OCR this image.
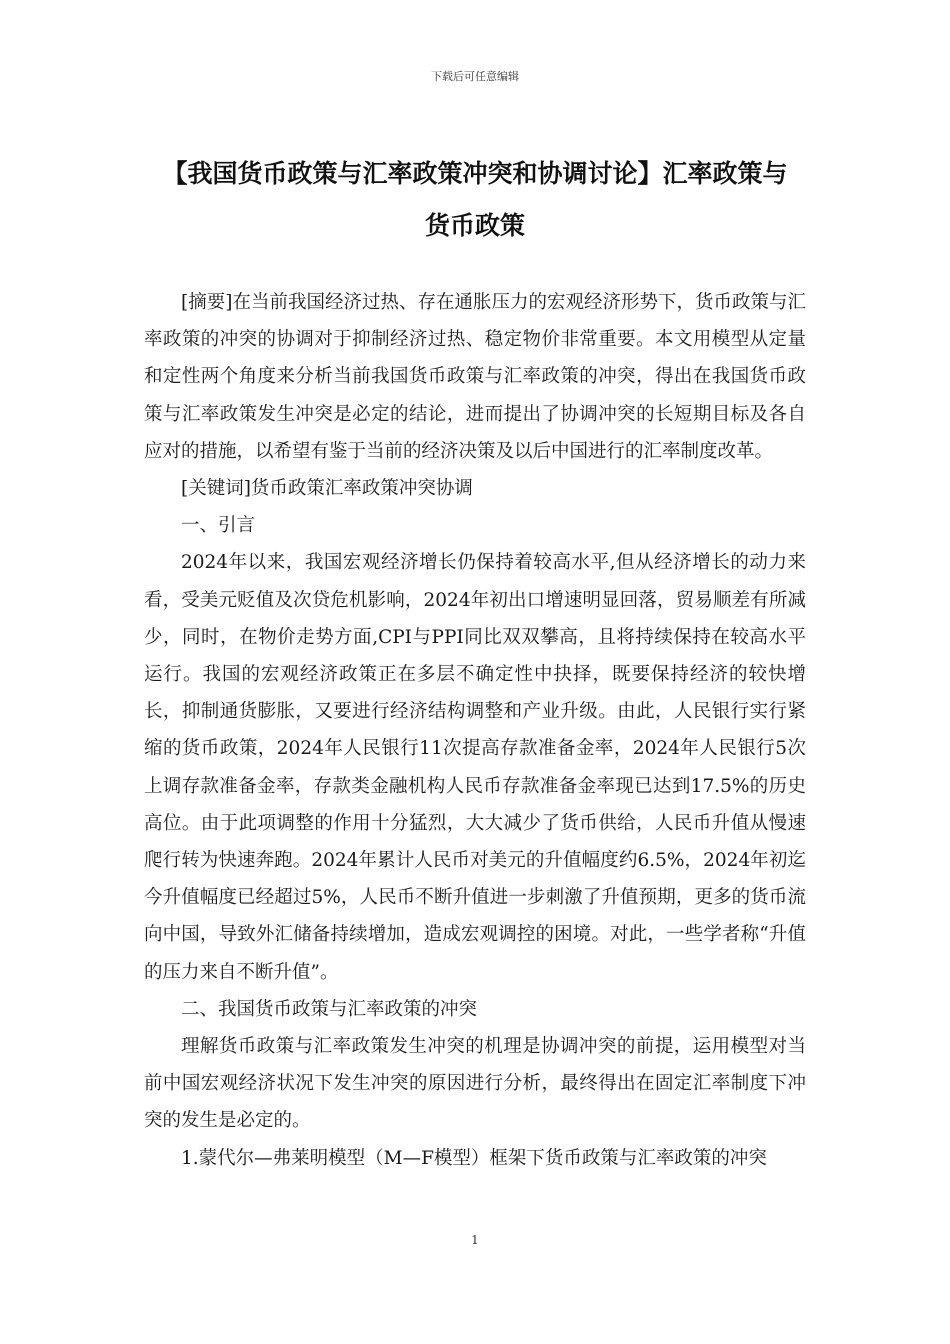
下载后可任意编辑
【我国货币政策与汇率政策冲突和协调讨论】汇率政策与
货币政策

[摘要]在当前我国经济过热、存在通胀压力的宏观经济形势下，货币政策与汇率政策的冲突的协调对于抑制经济过热、稳定物价非常重要。本文用模型从定量和定性两个角度来分析当前我国货币政策与汇率政策的冲突，得出在我国货币政策与汇率政策发生冲突是必定的结论，进而提出了协调冲突的长短期目标及各自应对的措施，以希望有鉴于当前的经济决策及以后中国进行的汇率制度改革。

[关键词]货币政策汇率政策冲突协调

一、引言

2024年以来，我国宏观经济增长仍保持着较高水平,但从经济增长的动力来看，受美元贬值及次贷危机影响，2024年初出口增速明显回落，贸易顺差有所减少，同时，在物价走势方面,CPI与PPI同比双双攀高，且将持续保持在较高水平运行。我国的宏观经济政策正在多层不确定性中抉择，既要保持经济的较快增长，抑制通货膨胀，又要进行经济结构调整和产业升级。由此，人民银行实行紧缩的货币政策，2024年人民银行11次提高存款准备金率，2024年人民银行5次上调存款准备金率，存款类金融机构人民币存款准备金率现已达到17.5%的历史高位。由于此项调整的作用十分猛烈，大大减少了货币供给，人民币升值从慢速爬行转为快速奔跑。2024年累计人民币对美元的升值幅度约6.5%，2024年初迄今升值幅度已经超过5%，人民币不断升值进一步刺激了升值预期，更多的货币流向中国，导致外汇储备持续增加，造成宏观调控的困境。对此，一些学者称“升值的压力来自不断升值”。

二、我国货币政策与汇率政策的冲突

理解货币政策与汇率政策发生冲突的机理是协调冲突的前提，运用模型对当前中国宏观经济状况下发生冲突的原因进行分析，最终得出在固定汇率制度下冲突的发生是必定的。

1.蒙代尔—弗莱明模型（M—F模型）框架下货币政策与汇率政策的冲突

1
